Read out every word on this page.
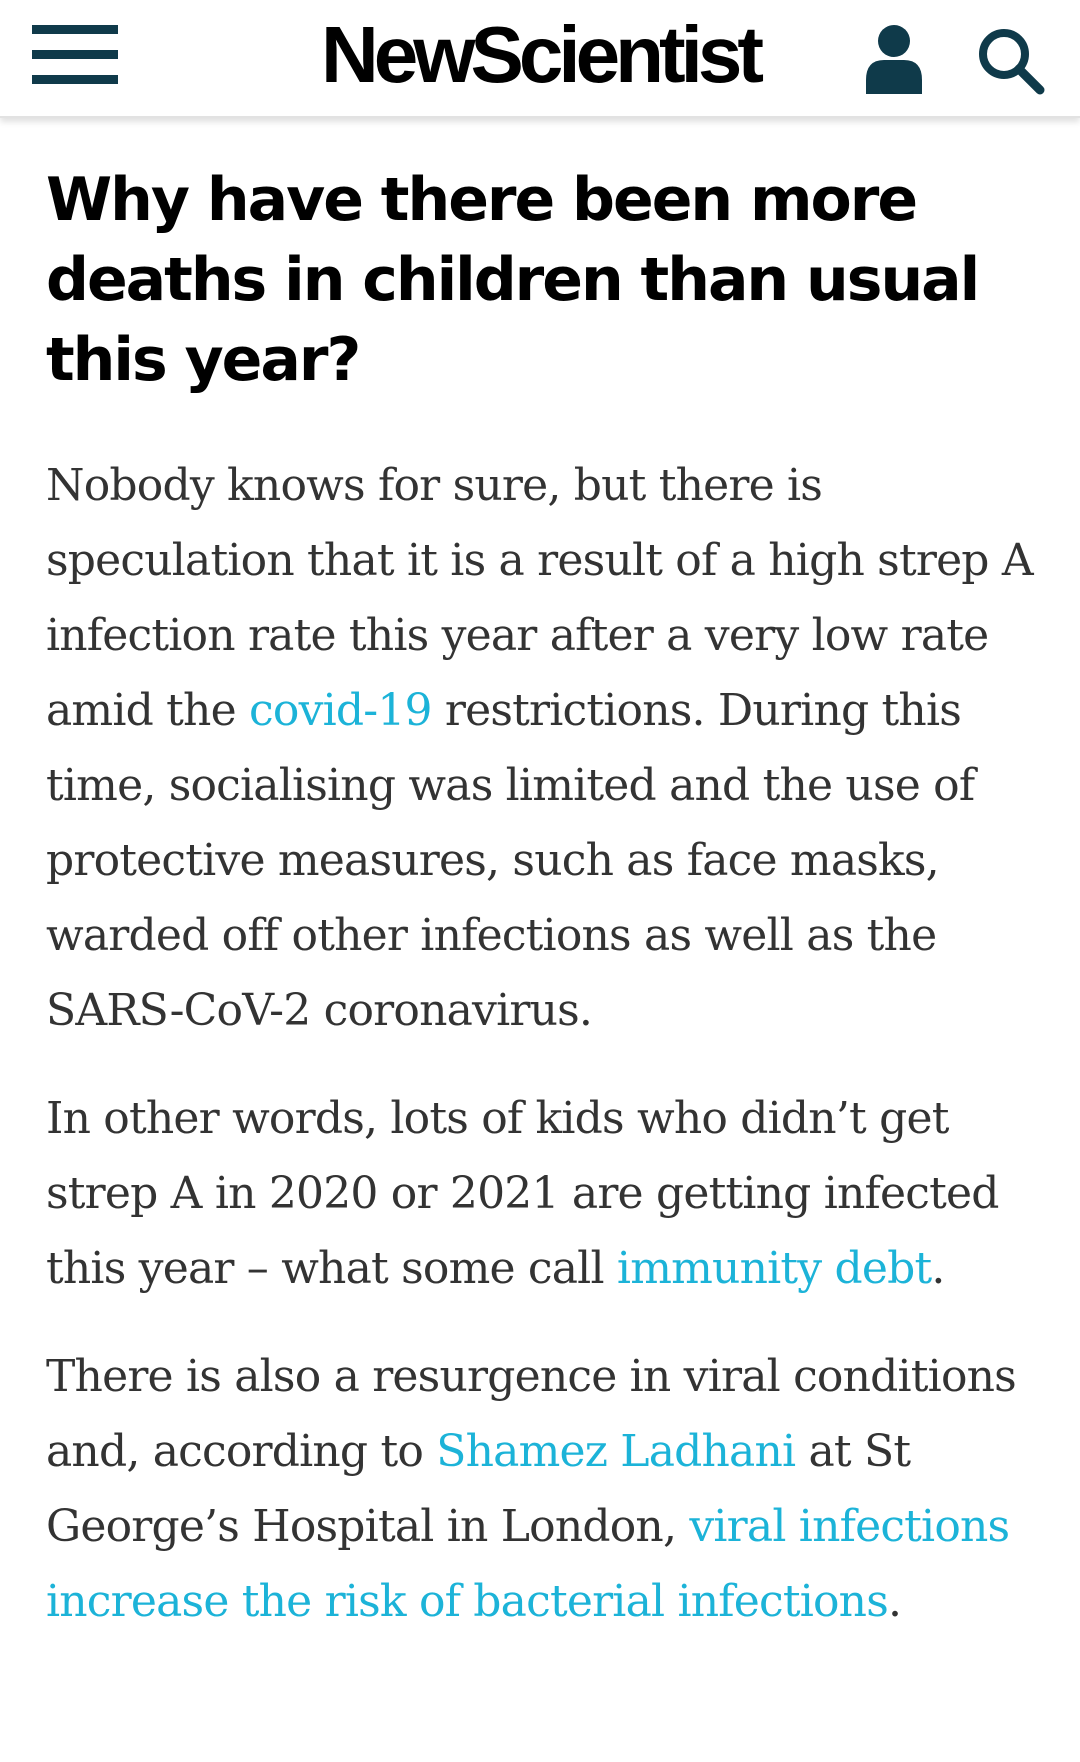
NewScientist
Why have there been more deaths in children than usual this year?

Nobody knows for sure, but there is speculation that it is a result of a high strep A infection rate this year after a very low rate amid the covid-19 restrictions. During this time, socialising was limited and the use of protective measures, such as face masks, warded off other infections as well as the SARS-CoV-2 coronavirus.

In other words, lots of kids who didn’t get strep A in 2020 or 2021 are getting infected this year – what some call immunity debt.

There is also a resurgence in viral conditions and, according to Shamez Ladhani at St George’s Hospital in London, viral infections increase the risk of bacterial infections.
